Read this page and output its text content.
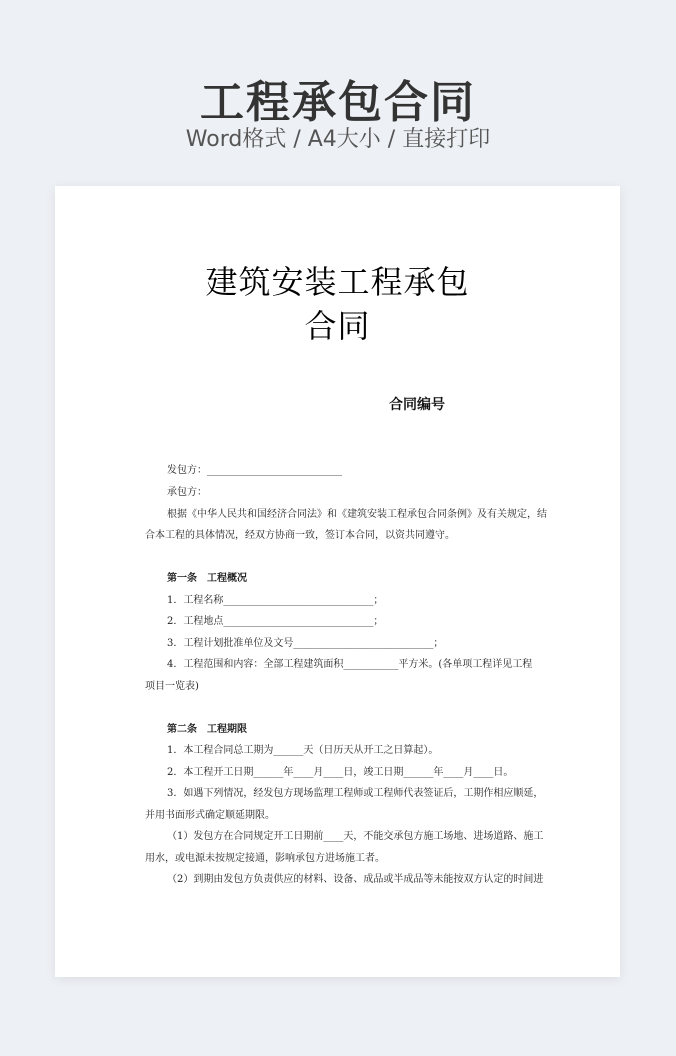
工程承包合同
Word格式 / A4大小 / 直接打印
建筑安装工程承包
合同
合同编号
发包方：___________________________
承包方：
根据《中华人民共和国经济合同法》和《建筑安装工程承包合同条例》及有关规定，结
合本工程的具体情况，经双方协商一致，签订本合同，以资共同遵守。
第一条　工程概况
1．工程名称______________________________；
2．工程地点______________________________；
3．工程计划批准单位及文号____________________________；
4．工程范围和内容：全部工程建筑面积___________平方米。(各单项工程详见工程
项目一览表)
第二条　工程期限
1．本工程合同总工期为______天（日历天从开工之日算起）。
2．本工程开工日期______年____月____日，竣工日期______年____月____日。
3．如遇下列情况，经发包方现场监理工程师或工程师代表签证后，工期作相应顺延，
并用书面形式确定顺延期限。
（1）发包方在合同规定开工日期前____天，不能交承包方施工场地、进场道路、施工
用水，或电源未按规定接通，影响承包方进场施工者。
（2）到期由发包方负责供应的材料、设备、成品或半成品等未能按双方认定的时间进
